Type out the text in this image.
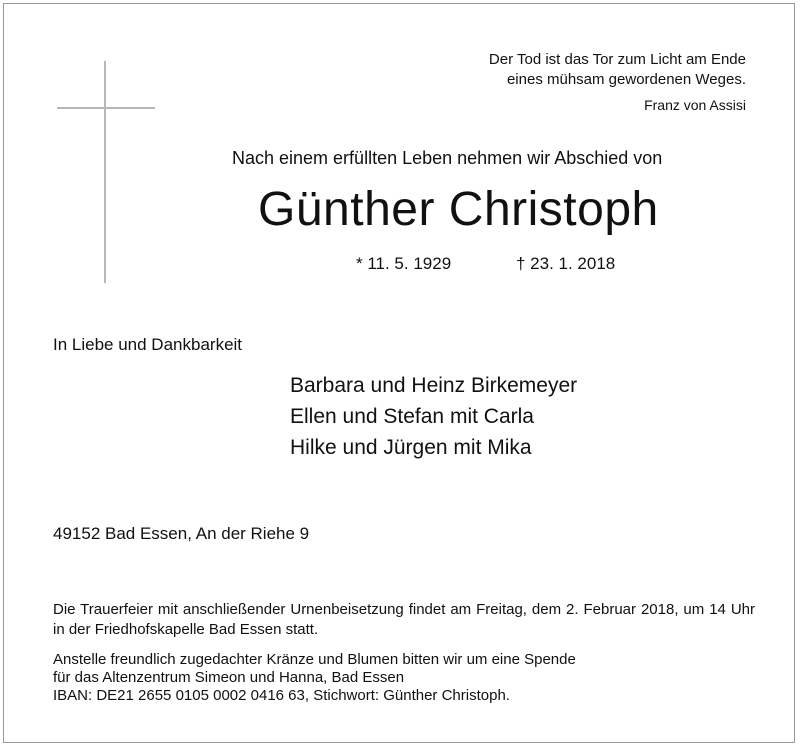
Der Tod ist das Tor zum Licht am Ende
eines mühsam gewordenen Weges.
Franz von Assisi
Nach einem erfüllten Leben nehmen wir Abschied von
Günther Christoph
* 11. 5. 1929	† 23. 1. 2018
In Liebe und Dankbarkeit
Barbara und Heinz Birkemeyer
Ellen und Stefan mit Carla
Hilke und Jürgen mit Mika
49152 Bad Essen, An der Riehe 9
Die Trauerfeier mit anschließender Urnenbeisetzung findet am Freitag, dem 2. Februar 2018, um 14 Uhr in der Friedhofskapelle Bad Essen statt.
Anstelle freundlich zugedachter Kränze und Blumen bitten wir um eine Spende
für das Altenzentrum Simeon und Hanna, Bad Essen
IBAN: DE21 2655 0105 0002 0416 63, Stichwort: Günther Christoph.
